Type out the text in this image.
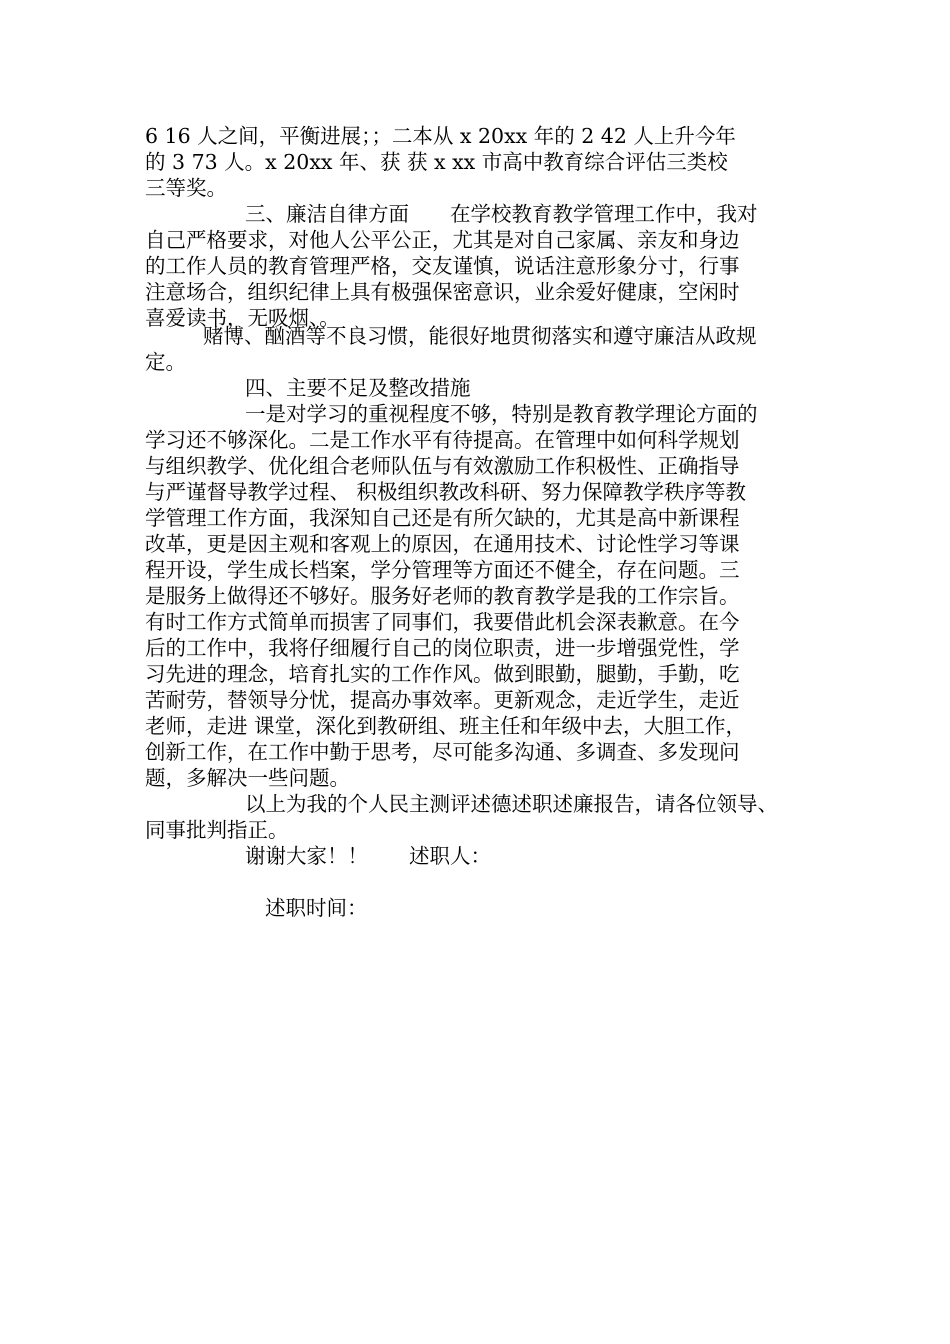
6 16 人之间，平衡进展；；二本从 x 20xx 年的 2 42 人上升今年
的 3 73 人。x 20xx 年、获 获 x xx 市高中教育综合评估三类校
三等奖。
三、廉洁自律方面　　在学校教育教学管理工作中，我对
自己严格要求，对他人公平公正，尤其是对自己家属、亲友和身边
的工作人员的教育管理严格，交友谨慎，说话注意形象分寸，行事
注意场合，组织纪律上具有极强保密意识，业余爱好健康，空闲时
喜爱读书，无吸烟、。
赌博、酗酒等不良习惯，能很好地贯彻落实和遵守廉洁从政规
定。
四、主要不足及整改措施
一是对学习的重视程度不够，特别是教育教学理论方面的
学习还不够深化。二是工作水平有待提高。在管理中如何科学规划
与组织教学、优化组合老师队伍与有效激励工作积极性、正确指导
与严谨督导教学过程、 积极组织教改科研、努力保障教学秩序等教
学管理工作方面，我深知自己还是有所欠缺的，尤其是高中新课程
改革，更是因主观和客观上的原因，在通用技术、讨论性学习等课
程开设，学生成长档案，学分管理等方面还不健全，存在问题。三
是服务上做得还不够好。服务好老师的教育教学是我的工作宗旨。
有时工作方式简单而损害了同事们，我要借此机会深表歉意。在今
后的工作中，我将仔细履行自己的岗位职责，进一步增强党性，学
习先进的理念，培育扎实的工作作风。做到眼勤，腿勤，手勤，吃
苦耐劳，替领导分忧，提高办事效率。更新观念，走近学生，走近
老师，走进 课堂，深化到教研组、班主任和年级中去，大胆工作，
创新工作，在工作中勤于思考，尽可能多沟通、多调查、多发现问
题，多解决一些问题。
以上为我的个人民主测评述德述职述廉报告，请各位领导、
同事批判指正。
谢谢大家！！　　述职人：
述职时间：
